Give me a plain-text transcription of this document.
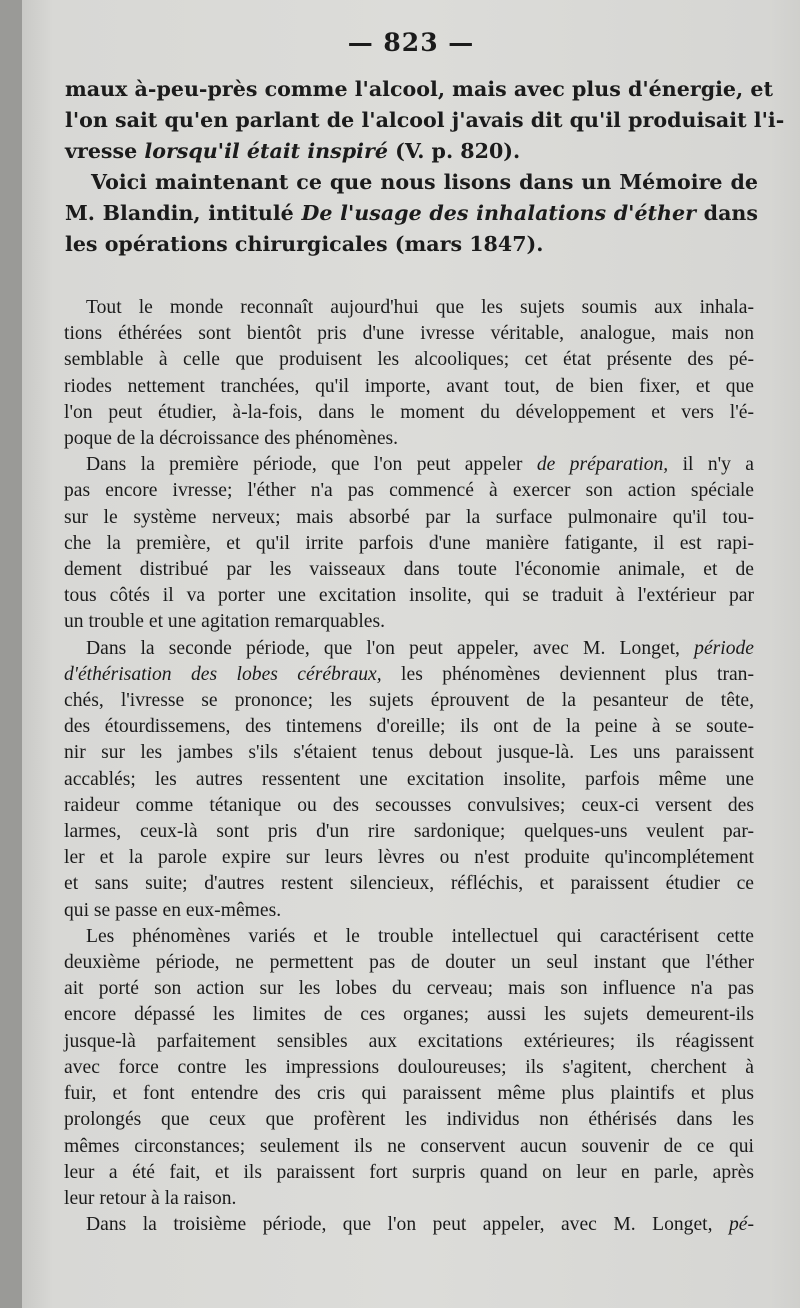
— 823 —
maux à-peu-près comme l'alcool, mais avec plus d'énergie, et
l'on sait qu'en parlant de l'alcool j'avais dit qu'il produisait l'i-
vresse lorsqu'il était inspiré (V. p. 820).
Voici maintenant ce que nous lisons dans un Mémoire de
M. Blandin, intitulé De l'usage des inhalations d'éther dans
les opérations chirurgicales (mars 1847).
Tout le monde reconnaît aujourd'hui que les sujets soumis aux inhala-
tions éthérées sont bientôt pris d'une ivresse véritable, analogue, mais non
semblable à celle que produisent les alcooliques; cet état présente des pé-
riodes nettement tranchées, qu'il importe, avant tout, de bien fixer, et que
l'on peut étudier, à-la-fois, dans le moment du développement et vers l'é-
poque de la décroissance des phénomènes.
Dans la première période, que l'on peut appeler de préparation, il n'y a
pas encore ivresse; l'éther n'a pas commencé à exercer son action spéciale
sur le système nerveux; mais absorbé par la surface pulmonaire qu'il tou-
che la première, et qu'il irrite parfois d'une manière fatigante, il est rapi-
dement distribué par les vaisseaux dans toute l'économie animale, et de
tous côtés il va porter une excitation insolite, qui se traduit à l'extérieur par
un trouble et une agitation remarquables.
Dans la seconde période, que l'on peut appeler, avec M. Longet, période
d'éthérisation des lobes cérébraux, les phénomènes deviennent plus tran-
chés, l'ivresse se prononce; les sujets éprouvent de la pesanteur de tête,
des étourdissemens, des tintemens d'oreille; ils ont de la peine à se soute-
nir sur les jambes s'ils s'étaient tenus debout jusque-là. Les uns paraissent
accablés; les autres ressentent une excitation insolite, parfois même une
raideur comme tétanique ou des secousses convulsives; ceux-ci versent des
larmes, ceux-là sont pris d'un rire sardonique; quelques-uns veulent par-
ler et la parole expire sur leurs lèvres ou n'est produite qu'incomplétement
et sans suite; d'autres restent silencieux, réfléchis, et paraissent étudier ce
qui se passe en eux-mêmes.
Les phénomènes variés et le trouble intellectuel qui caractérisent cette
deuxième période, ne permettent pas de douter un seul instant que l'éther
ait porté son action sur les lobes du cerveau; mais son influence n'a pas
encore dépassé les limites de ces organes; aussi les sujets demeurent-ils
jusque-là parfaitement sensibles aux excitations extérieures; ils réagissent
avec force contre les impressions douloureuses; ils s'agitent, cherchent à
fuir, et font entendre des cris qui paraissent même plus plaintifs et plus
prolongés que ceux que profèrent les individus non éthérisés dans les
mêmes circonstances; seulement ils ne conservent aucun souvenir de ce qui
leur a été fait, et ils paraissent fort surpris quand on leur en parle, après
leur retour à la raison.
Dans la troisième période, que l'on peut appeler, avec M. Longet, pé-
